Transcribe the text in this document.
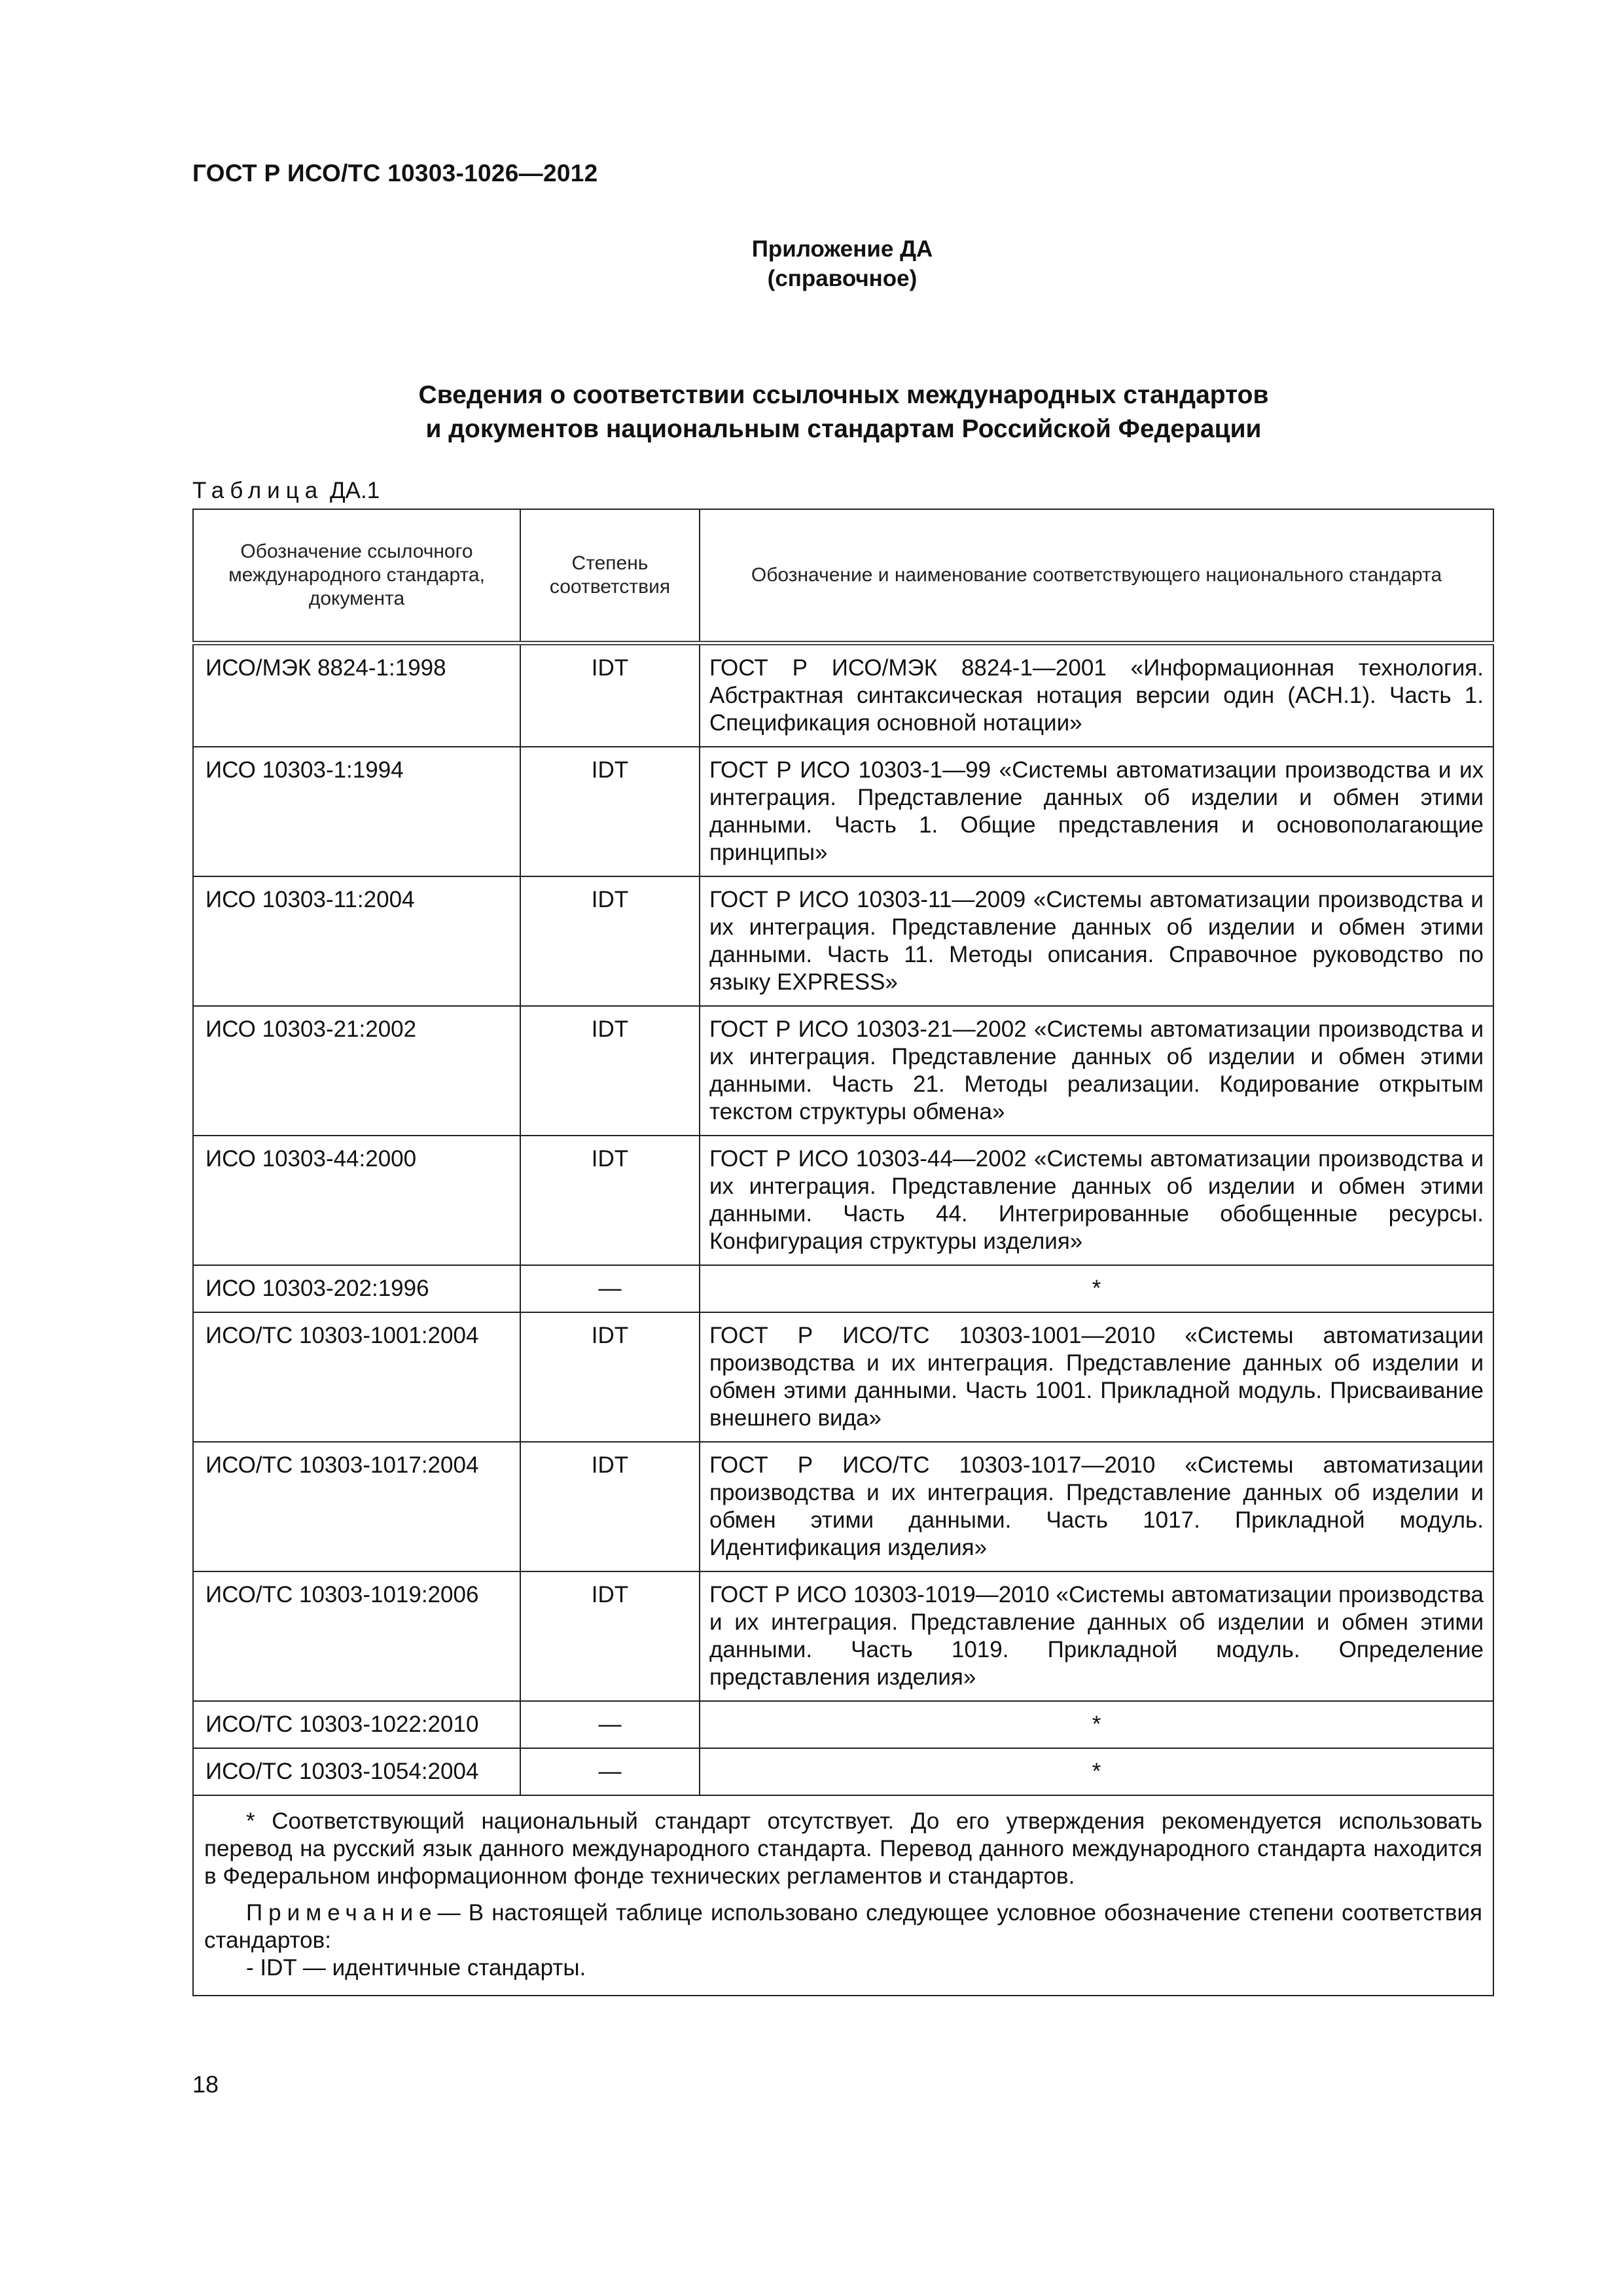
ГОСТ Р ИСО/ТС 10303-1026—2012
Приложение ДА
(справочное)
Сведения о соответствии ссылочных международных стандартов
и документов национальным стандартам Российской Федерации
Таблица ДА.1
Обозначение ссылочного международного стандарта, документа	Степень соответствия	Обозначение и наименование соответствующего национального стандарта

ИСО/МЭК 8824-1:1998	IDT	ГОСТ Р ИСО/МЭК 8824-1—2001 «Информационная технология. Абстрактная синтаксическая нотация версии один (АСН.1). Часть 1. Спецификация основной нотации»

ИСО 10303-1:1994	IDT	ГОСТ Р ИСО 10303-1—99 «Системы автоматизации производства и их интеграция. Представление данных об изделии и обмен этими данными. Часть 1. Общие представления и основополагающие принципы»

ИСО 10303-11:2004	IDT	ГОСТ Р ИСО 10303-11—2009 «Системы автоматизации производства и их интеграция. Представление данных об изделии и обмен этими данными. Часть 11. Методы описания. Справочное руководство по языку EXPRESS»

ИСО 10303-21:2002	IDT	ГОСТ Р ИСО 10303-21—2002 «Системы автоматизации производства и их интеграция. Представление данных об изделии и обмен этими данными. Часть 21. Методы реализации. Кодирование открытым текстом структуры обмена»

ИСО 10303-44:2000	IDT	ГОСТ Р ИСО 10303-44—2002 «Системы автоматизации производства и их интеграция. Представление данных об изделии и обмен этими данными. Часть 44. Интегрированные обобщенные ресурсы. Конфигурация структуры изделия»

ИСО 10303-202:1996	—	*

ИСО/ТС 10303-1001:2004	IDT	ГОСТ Р ИСО/ТС 10303-1001—2010 «Системы автоматизации производства и их интеграция. Представление данных об изделии и обмен этими данными. Часть 1001. Прикладной модуль. Присваивание внешнего вида»

ИСО/ТС 10303-1017:2004	IDT	ГОСТ Р ИСО/ТС 10303-1017—2010 «Системы автоматизации производства и их интеграция. Представление данных об изделии и обмен этими данными. Часть 1017. Прикладной модуль. Идентификация изделия»

ИСО/ТС 10303-1019:2006	IDT	ГОСТ Р ИСО 10303-1019—2010 «Системы автоматизации производства и их интеграция. Представление данных об изделии и обмен этими данными. Часть 1019. Прикладной модуль. Определение представления изделия»

ИСО/ТС 10303-1022:2010	—	*

ИСО/ТС 10303-1054:2004	—	*

* Соответствующий национальный стандарт отсутствует. До его утверждения рекомендуется использовать перевод на русский язык данного международного стандарта. Перевод данного международного стандарта находится в Федеральном информационном фонде технических регламентов и стандартов.

Примечание— В настоящей таблице использовано следующее условное обозначение степени соответствия стандартов:

- IDT — идентичные стандарты.		
18
